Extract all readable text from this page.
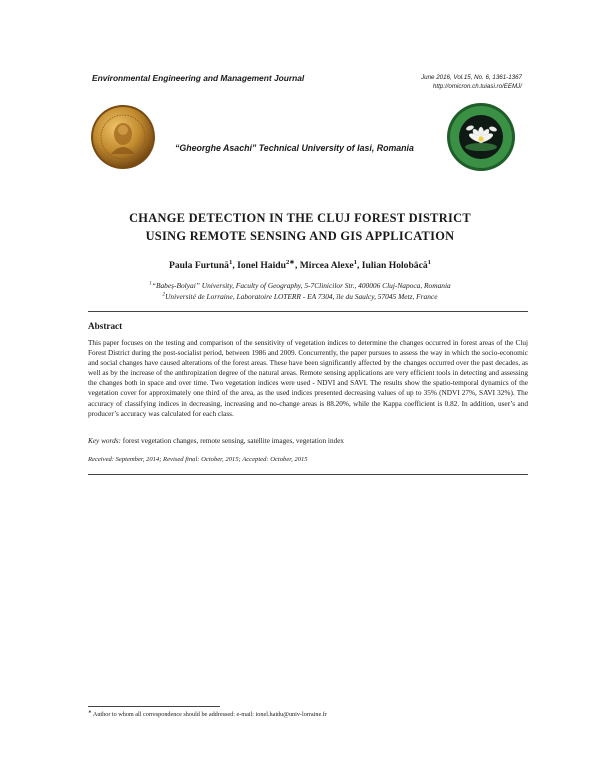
Environmental Engineering and Management Journal	June 2016, Vol.15, No. 6, 1361-1367
http://omicron.ch.tuiasi.ro/EEMJ/
“Gheorghe Asachi” Technical University of Iasi, Romania
CHANGE DETECTION IN THE CLUJ FOREST DISTRICT
USING REMOTE SENSING AND GIS APPLICATION
Paula Furtună$^1$, Ionel Haidu$^{2∗}$, Mircea Alexe$^1$, Iulian Holobâcă$^1$
$^1$“Babeș-Bolyai” University, Faculty of Geography, 5-7Clinicilor Str., 400006 Cluj-Napoca, Romania
$^2$Université de Lorraine, Laboratoire LOTERR - EA 7304, île du Saulcy, 57045 Metz, France
Abstract
This paper focuses on the testing and comparison of the sensitivity of vegetation indices to determine the changes occurred in forest areas of the Cluj Forest District during the post-socialist period, between 1986 and 2009. Concurrently, the paper pursues to assess the way in which the socio-economic and social changes have caused alterations of the forest areas. These have been significantly affected by the changes occurred over the past decades, as well as by the increase of the anthropization degree of the natural areas. Remote sensing applications are very efficient tools in detecting and assessing the changes both in space and over time. Two vegetation indices were used - NDVI and SAVI. The results show the spatio-temporal dynamics of the vegetation cover for approximately one third of the area, as the used indices presented decreasing values of up to 35% (NDVI 27%, SAVI 32%). The accuracy of classifying indices in decreasing, increasing and no-change areas is 88.20%, while the Kappa coefficient is 0.82. In addition, user’s and producer’s accuracy was calculated for each class.
Key words: forest vegetation changes, remote sensing, satellite images, vegetation index
Received: September, 2014; Revised final: October, 2015; Accepted: October, 2015
∗ Author to whom all correspondence should be addressed: e-mail: ionel.haidu@univ-lorraine.fr
